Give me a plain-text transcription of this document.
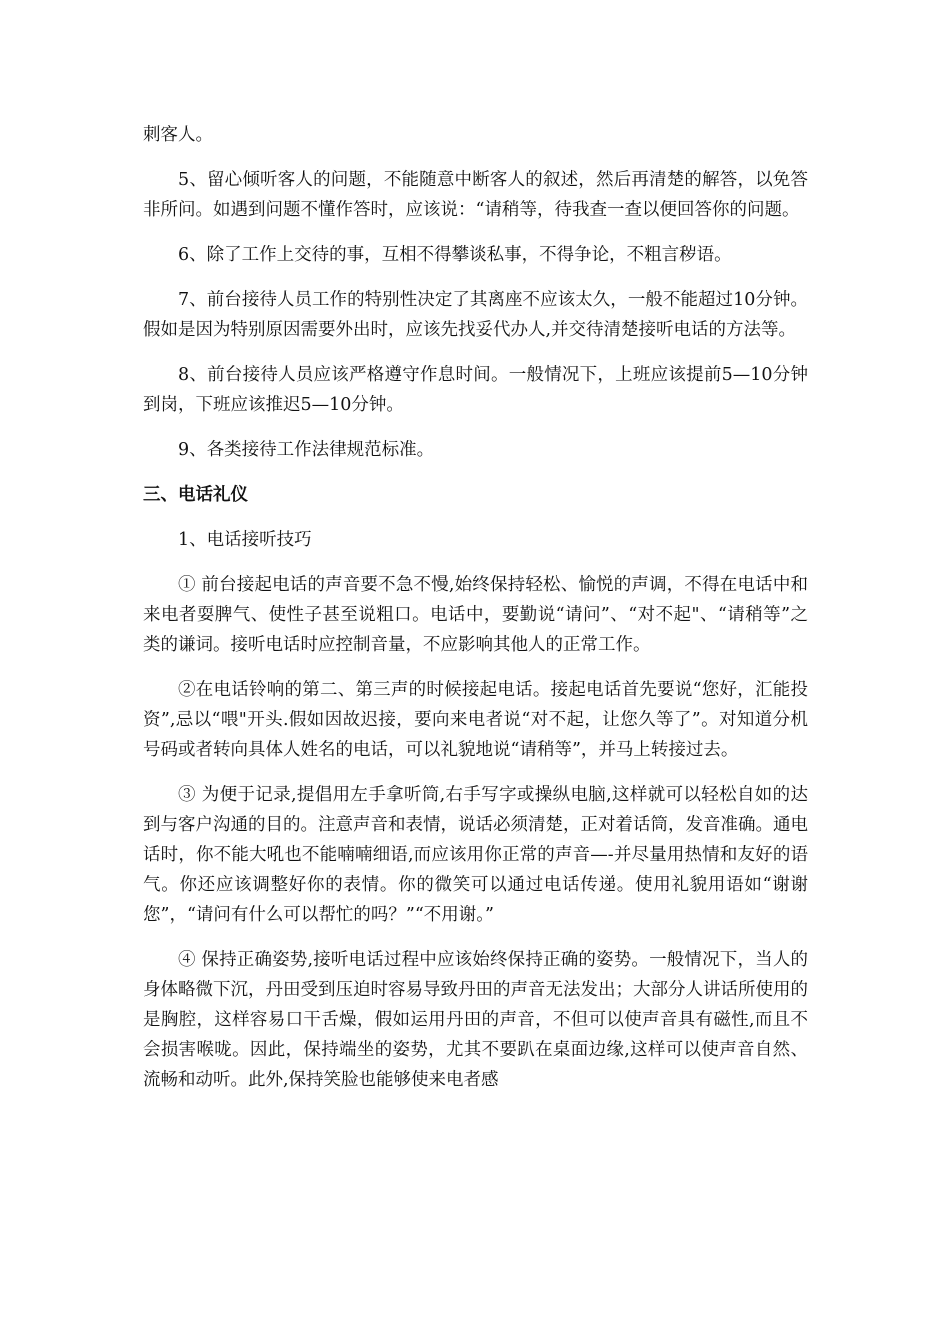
刺客人。

5、留心倾听客人的问题，不能随意中断客人的叙述，然后再清楚的解答，以免答非所问。如遇到问题不懂作答时，应该说：“请稍等，待我查一查以便回答你的问题。

6、除了工作上交待的事，互相不得攀谈私事，不得争论，不粗言秽语。

7、前台接待人员工作的特别性决定了其离座不应该太久，一般不能超过10分钟。假如是因为特别原因需要外出时，应该先找妥代办人,并交待清楚接听电话的方法等。

8、前台接待人员应该严格遵守作息时间。一般情况下，上班应该提前5—10分钟到岗，下班应该推迟5—10分钟。

9、各类接待工作法律规范标准。

三、电话礼仪

1、电话接听技巧

① 前台接起电话的声音要不急不慢,始终保持轻松、愉悦的声调，不得在电话中和来电者耍脾气、使性子甚至说粗口。电话中，要勤说“请问”、“对不起"、“请稍等”之类的谦词。接听电话时应控制音量，不应影响其他人的正常工作。

②在电话铃响的第二、第三声的时候接起电话。接起电话首先要说“您好，汇能投资”,忌以“喂"开头.假如因故迟接，要向来电者说“对不起，让您久等了”。对知道分机号码或者转向具体人姓名的电话，可以礼貌地说“请稍等”，并马上转接过去。

③ 为便于记录,提倡用左手拿听筒,右手写字或操纵电脑,这样就可以轻松自如的达到与客户沟通的目的。注意声音和表情，说话必须清楚，正对着话筒，发音准确。通电话时，你不能大吼也不能喃喃细语,而应该用你正常的声音—-并尽量用热情和友好的语气。你还应该调整好你的表情。你的微笑可以通过电话传递。使用礼貌用语如“谢谢您”，“请问有什么可以帮忙的吗？”“不用谢。”

④ 保持正确姿势,接听电话过程中应该始终保持正确的姿势。一般情况下，当人的身体略微下沉，丹田受到压迫时容易导致丹田的声音无法发出；大部分人讲话所使用的是胸腔，这样容易口干舌燥，假如运用丹田的声音，不但可以使声音具有磁性,而且不会损害喉咙。因此，保持端坐的姿势，尤其不要趴在桌面边缘,这样可以使声音自然、流畅和动听。此外,保持笑脸也能够使来电者感
